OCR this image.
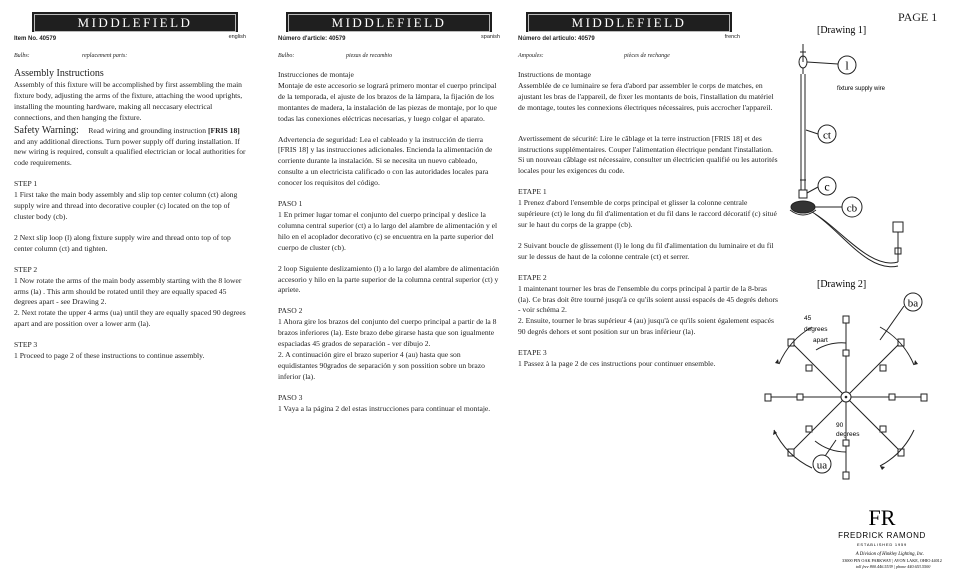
PAGE 1
MIDDLEFIELD
Item No. 40579	english
Bulbs:	replacement parts:

Assembly Instructions

Assembly of this fixture will be accomplished by first assembling the main fixture body, adjusting the arms of the fixture, attaching the wood uprights, installing the mounting hardware, making all neccasary electrical connections, and then hanging the fixture.

Safety Warning: Read wiring and grounding instruction [FRIS 18] and any additional directions. Turn power supply off during installation. If new wiring is required, consult a qualified electrician or local authorities for code requirements.

STEP 1

1 First take the main body assembly and slip top center column (ct) along supply wire and thread into decorative coupler (c) located on the top of cluster body (cb).

2 Next slip loop (l) along fixture supply wire and thread onto top of top center column (ct) and tighten.

STEP 2

1 Now rotate the arms of the main body assembly starting with the 8 lower arms (la) . This arm should be rotated until they are equally spaced 45 degrees apart - see Drawing 2.

2. Next rotate the upper 4 arms (ua) until they are equally spaced 90 degrees apart and are possition over a lower arm (la).

STEP 3

1 Proceed to page 2 of these instructions to continue assembly.

MIDDLEFIELD
Número d'article: 40579	spanish
Bulbo:	piezas de recambio

Instrucciones de montaje

Montaje de este accesorio se logrará primero montar el cuerpo principal de la temporada, el ajuste de los brazos de la lámpara, la fijación de los montantes de madera, la instalación de las piezas de montaje, por lo que todas las conexiones eléctricas necesarias, y luego colgar el aparato.

Advertencia de seguridad: Lea el cableado y la instrucción de tierra [FRIS 18] y las instrucciones adicionales. Encienda la alimentación de corriente durante la instalación. Si se necesita un nuevo cableado, consulte a un electricista calificado o con las autoridades locales para conocer los requisitos del código.

PASO 1

1 En primer lugar tomar el conjunto del cuerpo principal y deslice la columna central superior (ct) a lo largo del alambre de alimentación y el hilo en el acoplador decorativo (c) se encuentra en la parte superior del cuerpo de cluster (cb).

2 loop Siguiente deslizamiento (l) a lo largo del alambre de alimentación accesorio y hilo en la parte superior de la columna central superior (ct) y apriete.

PASO 2

1 Ahora gire los brazos del conjunto del cuerpo principal a partir de la 8 brazos inferiores (la). Este brazo debe girarse hasta que son igualmente espaciadas 45 grados de separación - ver dibujo 2.

2. A continuación gire el brazo superior 4 (au) hasta que son equidistantes 90grados de separación y son possition sobre un brazo inferior (la).

PASO 3

1 Vaya a la página 2 del estas instrucciones para continuar el montaje.

MIDDLEFIELD
Número del articulo: 40579	french
Ampoules:	pièces de rechange

Instructions de montage

Assemblée de ce luminaire se fera d'abord par assembler le corps de matches, en ajustant les bras de l'appareil, de fixer les montants de bois, l'installation du matériel de montage, toutes les connexions électriques nécessaires, puis accrocher l'appareil.

Avertissement de sécurité: Lire le câblage et la terre instruction [FRIS 18] et des instructions supplémentaires. Couper l'alimentation électrique pendant l'installation. Si un nouveau câblage est nécessaire, consulter un électricien qualifié ou les autorités locales pour les exigences du code.

ETAPE 1

1 Prenez d'abord l'ensemble de corps principal et glisser la colonne centrale supérieure (ct) le long du fil d'alimentation et du fil dans le raccord décoratif (c) situé sur le haut du corps de la grappe (cb).

2 Suivant boucle de glissement (l) le long du fil d'alimentation du luminaire et du fil sur le dessus de haut de la colonne centrale (ct) et serrer.

ETAPE 2

1 maintenant tourner les bras de l'ensemble du corps principal à partir de la 8-bras (la). Ce bras doit être tourné jusqu'à ce qu'ils soient aussi espacés de 45 degrés dehors - voir schéma 2.

2. Ensuite, tourner le bras supérieur 4 (au) jusqu'à ce qu'ils soient également espacés 90 degrés dehors et sont position sur un bras inférieur (la).

ETAPE 3

1 Passez à la page 2 de ces instructions pour continuer ensemble.

[Drawing 1]
l
fixture supply wire
ct
c
cb
[Drawing 2]
45
degrees
apart
90
degrees
ba
ua
FR
FREDRICK RAMOND
ESTABLISHED 1959
A Division of Hinkley Lighting, Inc.
33000 PIN OAK PARKWAY | AVON LAKE, OHIO 44012
toll free 800.446.5539 | phone 440.653.5500
